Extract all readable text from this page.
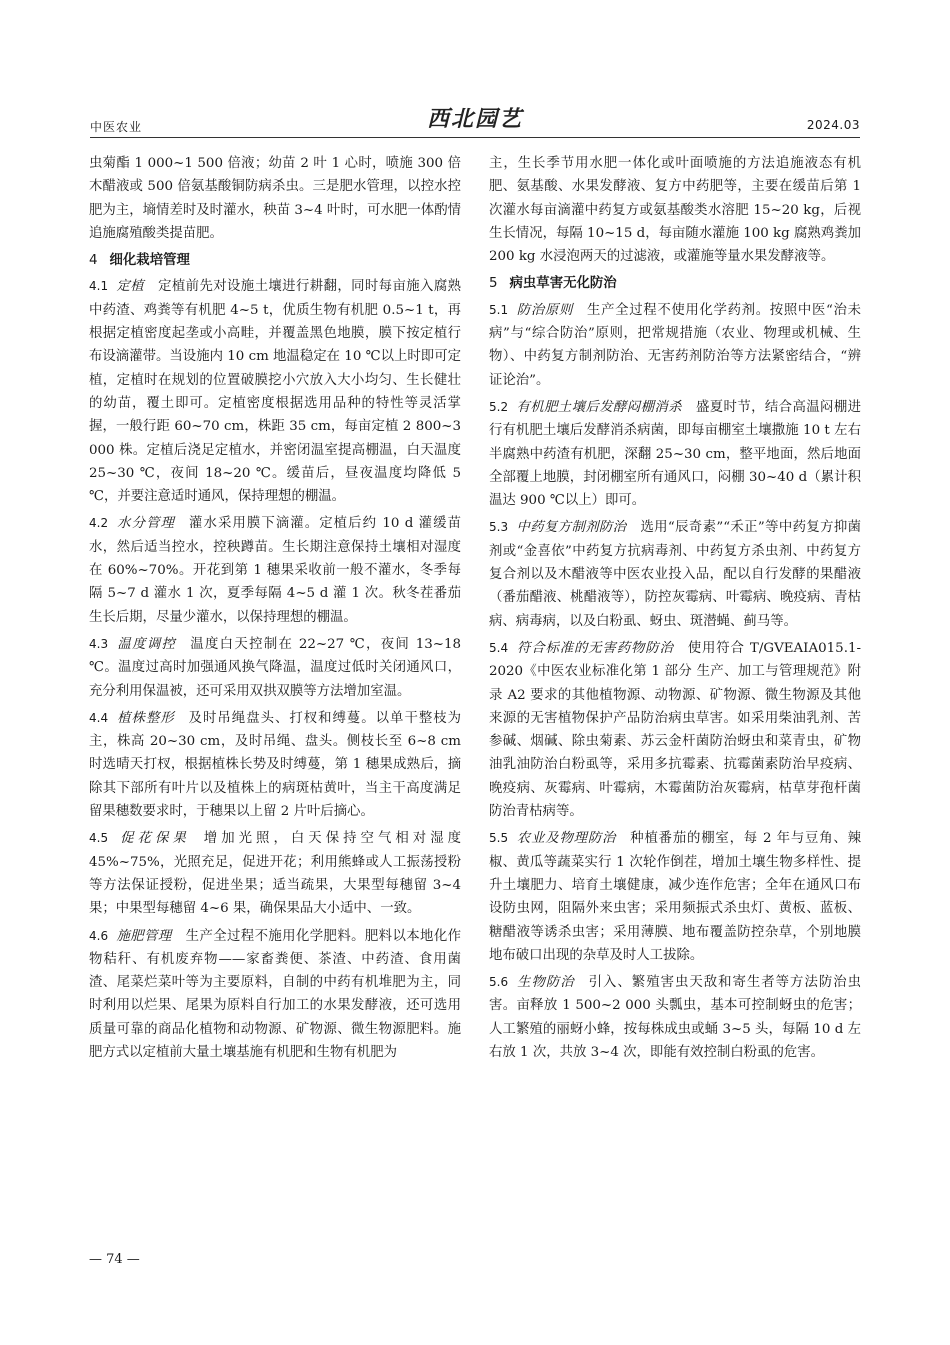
中医农业	西北园艺	2024.03

虫菊酯 1 000~1 500 倍液；幼苗 2 叶 1 心时，喷施 300 倍木醋液或 500 倍氨基酸铜防病杀虫。三是肥水管理，以控水控肥为主，墒情差时及时灌水，秧苗 3~4 叶时，可水肥一体酌情追施腐殖酸类提苗肥。

4 细化栽培管理

4.1 定植 定植前先对设施土壤进行耕翻，同时每亩施入腐熟中药渣、鸡粪等有机肥 4~5 t，优质生物有机肥 0.5~1 t，再根据定植密度起垄或小高畦，并覆盖黑色地膜，膜下按定植行布设滴灌带。当设施内 10 cm 地温稳定在 10 ℃以上时即可定植，定植时在规划的位置破膜挖小穴放入大小均匀、生长健壮的幼苗，覆土即可。定植密度根据选用品种的特性等灵活掌握，一般行距 60~70 cm，株距 35 cm，每亩定植 2 800~3 000 株。定植后浇足定植水，并密闭温室提高棚温，白天温度 25~30 ℃，夜间 18~20 ℃。缓苗后，昼夜温度均降低 5 ℃，并要注意适时通风，保持理想的棚温。

4.2 水分管理 灌水采用膜下滴灌。定植后约 10 d 灌缓苗水，然后适当控水，控秧蹲苗。生长期注意保持土壤相对湿度在 60%~70%。开花到第 1 穗果采收前一般不灌水，冬季每隔 5~7 d 灌水 1 次，夏季每隔 4~5 d 灌 1 次。秋冬茬番茄生长后期，尽量少灌水，以保持理想的棚温。

4.3 温度调控 温度白天控制在 22~27 ℃，夜间 13~18 ℃。温度过高时加强通风换气降温，温度过低时关闭通风口，充分利用保温被，还可采用双拱双膜等方法增加室温。

4.4 植株整形 及时吊绳盘头、打杈和缚蔓。以单干整枝为主，株高 20~30 cm，及时吊绳、盘头。侧枝长至 6~8 cm 时选晴天打杈，根据植株长势及时缚蔓，第 1 穗果成熟后，摘除其下部所有叶片以及植株上的病斑枯黄叶，当主干高度满足留果穗数要求时，于穗果以上留 2 片叶后摘心。

4.5 促花保果 增加光照，白天保持空气相对湿度 45%~75%，光照充足，促进开花；利用熊蜂或人工振荡授粉等方法保证授粉，促进坐果；适当疏果，大果型每穗留 3~4 果；中果型每穗留 4~6 果，确保果品大小适中、一致。

4.6 施肥管理 生产全过程不施用化学肥料。肥料以本地化作物秸秆、有机废弃物——家畜粪便、茶渣、中药渣、食用菌渣、尾菜烂菜叶等为主要原料，自制的中药有机堆肥为主，同时利用以烂果、尾果为原料自行加工的水果发酵液，还可选用质量可靠的商品化植物和动物源、矿物源、微生物源肥料。施肥方式以定植前大量土壤基施有机肥和生物有机肥为

主，生长季节用水肥一体化或叶面喷施的方法追施液态有机肥、氨基酸、水果发酵液、复方中药肥等，主要在缓苗后第 1 次灌水每亩滴灌中药复方或氨基酸类水溶肥 15~20 kg，后视生长情况，每隔 10~15 d，每亩随水灌施 100 kg 腐熟鸡粪加 200 kg 水浸泡两天的过滤液，或灌施等量水果发酵液等。

5 病虫草害无化防治

5.1 防治原则 生产全过程不使用化学药剂。按照中医“治未病”与“综合防治”原则，把常规措施（农业、物理或机械、生物）、中药复方制剂防治、无害药剂防治等方法紧密结合，“辨证论治”。

5.2 有机肥土壤后发酵闷棚消杀 盛夏时节，结合高温闷棚进行有机肥土壤后发酵消杀病菌，即每亩棚室土壤撒施 10 t 左右半腐熟中药渣有机肥，深翻 25~30 cm，整平地面，然后地面全部覆上地膜，封闭棚室所有通风口，闷棚 30~40 d（累计积温达 900 ℃以上）即可。

5.3 中药复方制剂防治 选用“辰奇素”“禾正”等中药复方抑菌剂或“金喜依”中药复方抗病毒剂、中药复方杀虫剂、中药复方复合剂以及木醋液等中医农业投入品，配以自行发酵的果醋液（番茄醋液、桃醋液等），防控灰霉病、叶霉病、晚疫病、青枯病、病毒病，以及白粉虱、蚜虫、斑潜蝇、蓟马等。

5.4 符合标准的无害药物防治 使用符合 T/GVEAIA015.1-2020《中医农业标准化第 1 部分 生产、加工与管理规范》附录 A2 要求的其他植物源、动物源、矿物源、微生物源及其他来源的无害植物保护产品防治病虫草害。如采用柴油乳剂、苦参碱、烟碱、除虫菊素、苏云金杆菌防治蚜虫和菜青虫，矿物油乳油防治白粉虱等，采用多抗霉素、抗霉菌素防治早疫病、晚疫病、灰霉病、叶霉病，木霉菌防治灰霉病，枯草芽孢杆菌防治青枯病等。

5.5 农业及物理防治 种植番茄的棚室，每 2 年与豆角、辣椒、黄瓜等蔬菜实行 1 次轮作倒茬，增加土壤生物多样性、提升土壤肥力、培育土壤健康，减少连作危害；全年在通风口布设防虫网，阻隔外来虫害；采用频振式杀虫灯、黄板、蓝板、糖醋液等诱杀虫害；采用薄膜、地布覆盖防控杂草，个别地膜地布破口出现的杂草及时人工拔除。

5.6 生物防治 引入、繁殖害虫天敌和寄生者等方法防治虫害。亩释放 1 500~2 000 头瓢虫，基本可控制蚜虫的危害；人工繁殖的丽蚜小蜂，按每株成虫或蛹 3~5 头，每隔 10 d 左右放 1 次，共放 3~4 次，即能有效控制白粉虱的危害。

— 74 —
